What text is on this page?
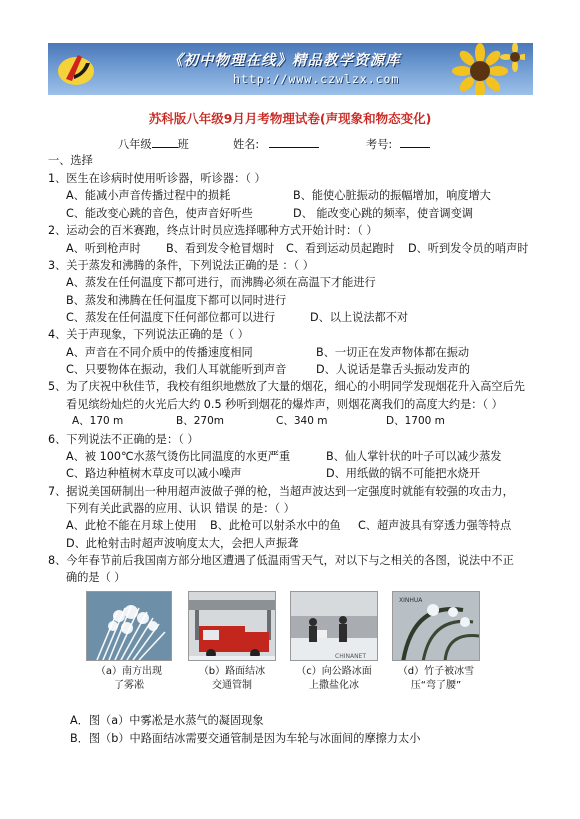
《初中物理在线》精品教学资源库
http://www.czwlzx.com
苏科版八年级9月月考物理试卷(声现象和物态变化)
八年级 班	姓名:	考号:
一、选择
1、医生在诊病时使用听诊器，听诊器：（ ）
A、能减小声音传播过程中的损耗	B、能使心脏振动的振幅增加，响度增大
C、能改变心跳的音色，使声音好听些	D、 能改变心跳的频率，使音调变调
2、运动会的百米赛跑，终点计时员应选择哪种方式开始计时：（ ）
A、听到枪声时 B、看到发令枪冒烟时 C、看到运动员起跑时 D、听到发令员的哨声时
3、关于蒸发和沸腾的条件，下列说法正确的是 ：（ ）
A、蒸发在任何温度下都可进行，而沸腾必须在高温下才能进行
B、蒸发和沸腾在任何温度下都可以同时进行
C、蒸发在任何温度下任何部位都可以进行	D、以上说法都不对
4、关于声现象，下列说法正确的是（ ）
A、声音在不同介质中的传播速度相同	B、一切正在发声物体都在振动
C、只要物体在振动，我们人耳就能听到声音	D、人说话是靠舌头振动发声的
5、为了庆祝中秋佳节，我校有组织地燃放了大量的烟花，细心的小明同学发现烟花升入高空后先
看见缤纷灿烂的火光后大约 0.5 秒听到烟花的爆炸声，则烟花离我们的高度大约是：（ ）
A、170 m	B、270m	C、340 m	D、1700 m
6、下列说法不正确的是：（ ）
A、被 100℃水蒸气烫伤比同温度的水更严重	B、仙人掌针状的叶子可以减少蒸发
C、路边种植树木草皮可以减小噪声	D、用纸做的锅不可能把水烧开
7、据说美国研制出一种用超声波做子弹的枪，当超声波达到一定强度时就能有较强的攻击力，
下列有关此武器的应用、认识 错误 的是：（ ）
A、此枪不能在月球上使用 B、此枪可以射杀水中的鱼 C、超声波具有穿透力强等特点
D、此枪射击时超声波响度太大，会把人声振聋
8、今年春节前后我国南方部分地区遭遇了低温雨雪天气，对以下与之相关的各图，说法中不正
确的是（ ）
CHINANET
XINHUA
（a）南方出现
了雾凇
（b）路面结冰
交通管制
（c）向公路冰面
上撒盐化冰
（d）竹子被冰雪
压“弯了腰”
A．图（a）中雾凇是水蒸气的凝固现象
B．图（b）中路面结冰需要交通管制是因为车轮与冰面间的摩擦力太小
